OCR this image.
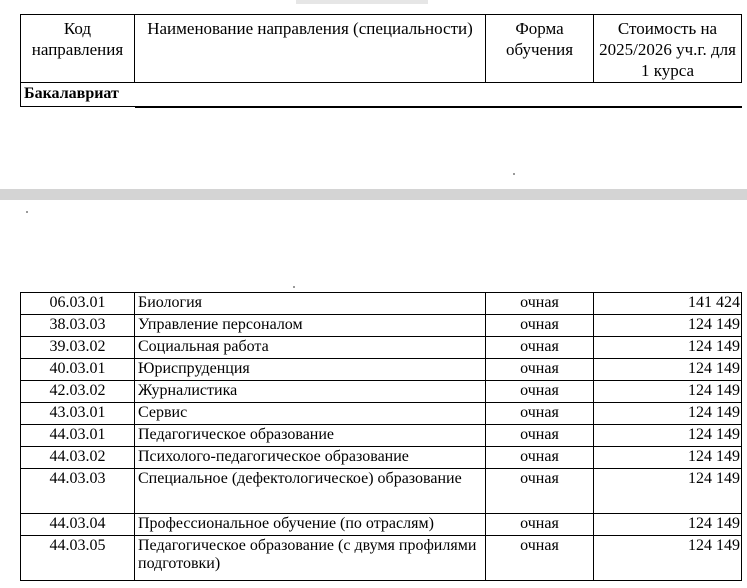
Код направления	Наименование направления (специальности)	Форма обучения	Стоимость на 2025/2026 уч.г. для 1 курса
Бакалавриат			
06.03.01	Биология	очная	141 424
38.03.03	Управление персоналом	очная	124 149
39.03.02	Социальная работа	очная	124 149
40.03.01	Юриспруденция	очная	124 149
42.03.02	Журналистика	очная	124 149
43.03.01	Сервис	очная	124 149
44.03.01	Педагогическое образование	очная	124 149
44.03.02	Психолого-педагогическое образование	очная	124 149
44.03.03	Специальное (дефектологическое) образование	очная	124 149
44.03.04	Профессиональное обучение (по отраслям)	очная	124 149
44.03.05	Педагогическое образование (с двумя профилями подготовки)	очная	124 149
